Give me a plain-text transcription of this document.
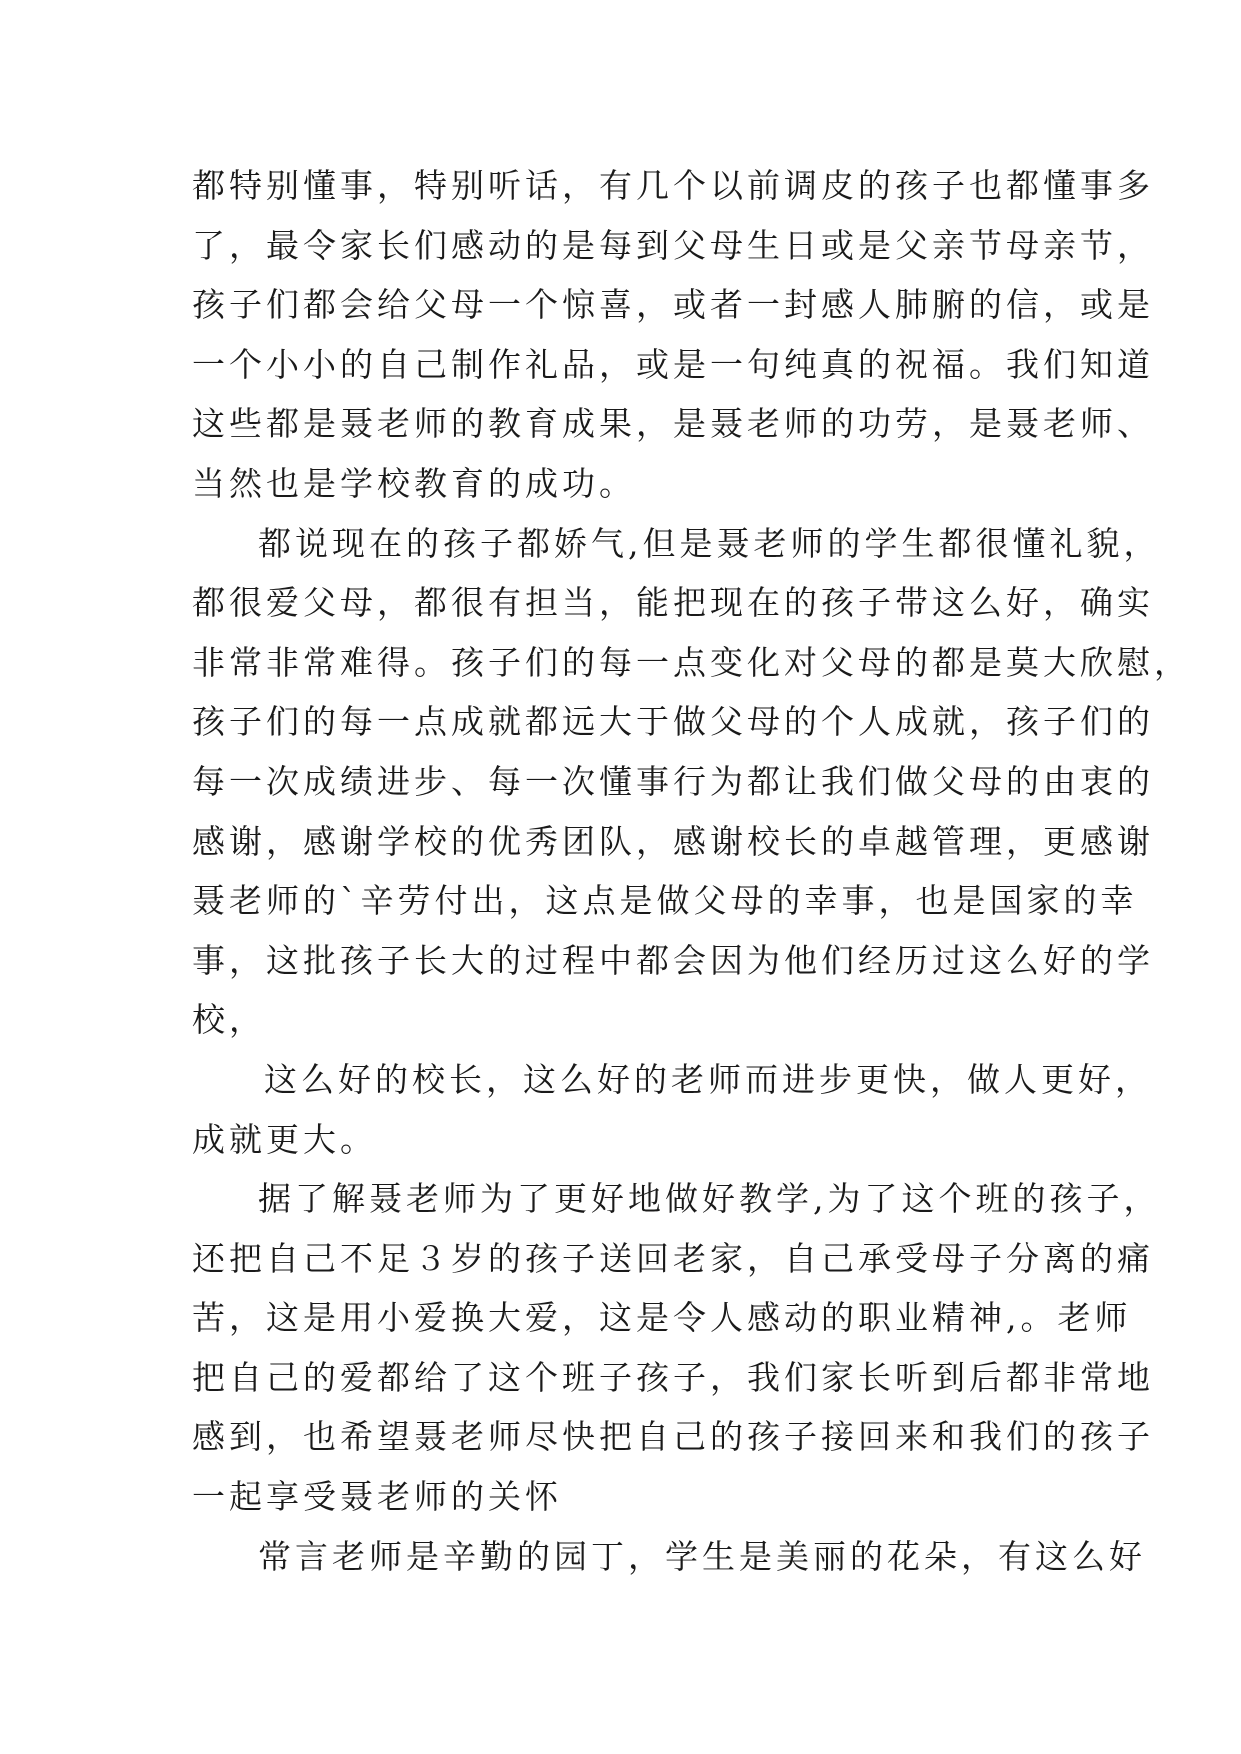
都特别懂事，特别听话，有几个以前调皮的孩子也都懂事多
了，最令家长们感动的是每到父母生日或是父亲节母亲节，
孩子们都会给父母一个惊喜，或者一封感人肺腑的信，或是
一个小小的自己制作礼品，或是一句纯真的祝福。我们知道
这些都是聂老师的教育成果，是聂老师的功劳，是聂老师、
当然也是学校教育的成功。
都说现在的孩子都娇气,但是聂老师的学生都很懂礼貌，
都很爱父母，都很有担当，能把现在的孩子带这么好，确实
非常非常难得。孩子们的每一点变化对父母的都是莫大欣慰，
孩子们的每一点成就都远大于做父母的个人成就，孩子们的
每一次成绩进步、每一次懂事行为都让我们做父母的由衷的
感谢，感谢学校的优秀团队，感谢校长的卓越管理，更感谢
聂老师的`辛劳付出，这点是做父母的幸事，也是国家的幸
事，这批孩子长大的过程中都会因为他们经历过这么好的学
校，
这么好的校长，这么好的老师而进步更快，做人更好，
成就更大。
据了解聂老师为了更好地做好教学,为了这个班的孩子，
还把自己不足３岁的孩子送回老家，自己承受母子分离的痛
苦，这是用小爱换大爱，这是令人感动的职业精神,。老师
把自己的爱都给了这个班子孩子，我们家长听到后都非常地
感到，也希望聂老师尽快把自己的孩子接回来和我们的孩子
一起享受聂老师的关怀
常言老师是辛勤的园丁，学生是美丽的花朵，有这么好
